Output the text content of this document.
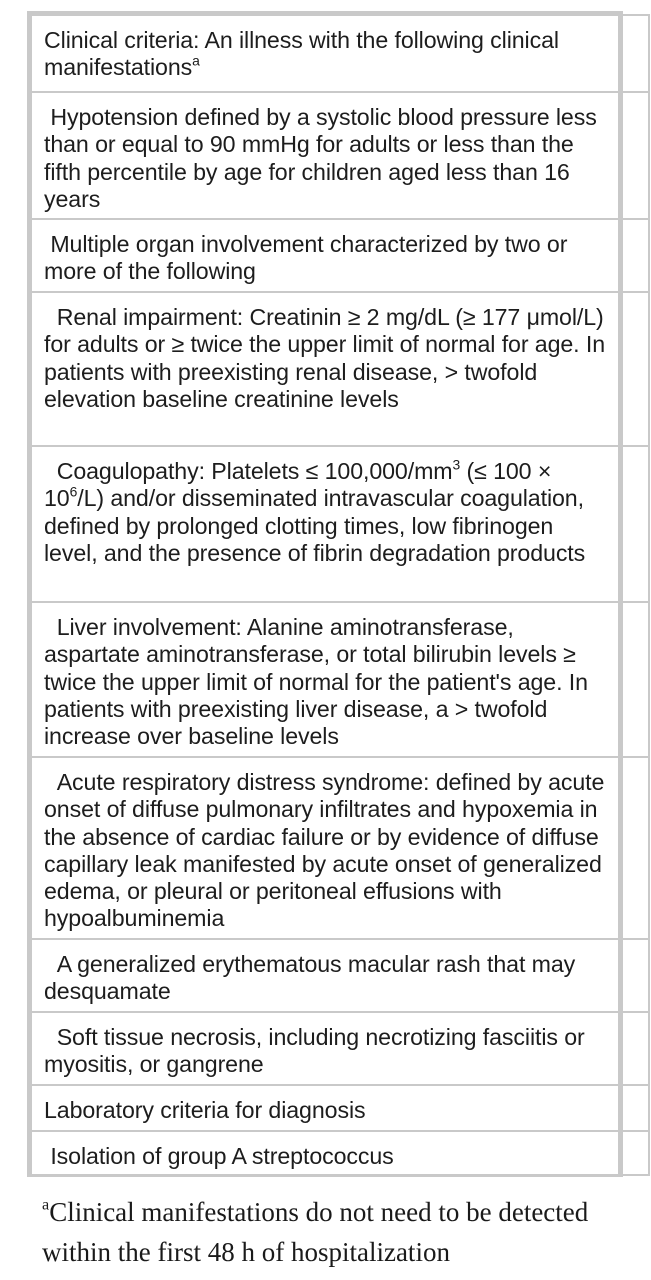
Clinical criteria: An illness with the following clinical manifestations$^a$	
Hypotension defined by a systolic blood pressure less than or equal to 90 mmHg for adults or less than the fifth percentile by age for children aged less than 16 years	
Multiple organ involvement characterized by two or more of the following	
Renal impairment: Creatinin ≥ 2 mg/dL (≥ 177 μmol/L) for adults or ≥ twice the upper limit of normal for age. In patients with preexisting renal disease, > twofold elevation baseline creatinine levels	
Coagulopathy: Platelets ≤ $100,000/mm^3$ (≤ $100 \times 10^6/L$) and/or disseminated intravascular coagulation, defined by prolonged clotting times, low fibrinogen level, and the presence of fibrin degradation products	
Liver involvement: Alanine aminotransferase, aspartate aminotransferase, or total bilirubin levels ≥ twice the upper limit of normal for the patient's age. In patients with preexisting liver disease, a > twofold increase over baseline levels	
Acute respiratory distress syndrome: defined by acute onset of diffuse pulmonary infiltrates and hypoxemia in the absence of cardiac failure or by evidence of diffuse capillary leak manifested by acute onset of generalized edema, or pleural or peritoneal effusions with hypoalbuminemia	
A generalized erythematous macular rash that may desquamate	
Soft tissue necrosis, including necrotizing fasciitis or myositis, or gangrene	
Laboratory criteria for diagnosis	
Isolation of group A streptococcus	
$^a$Clinical manifestations do not need to be detected within the first 48 h of hospitalization
